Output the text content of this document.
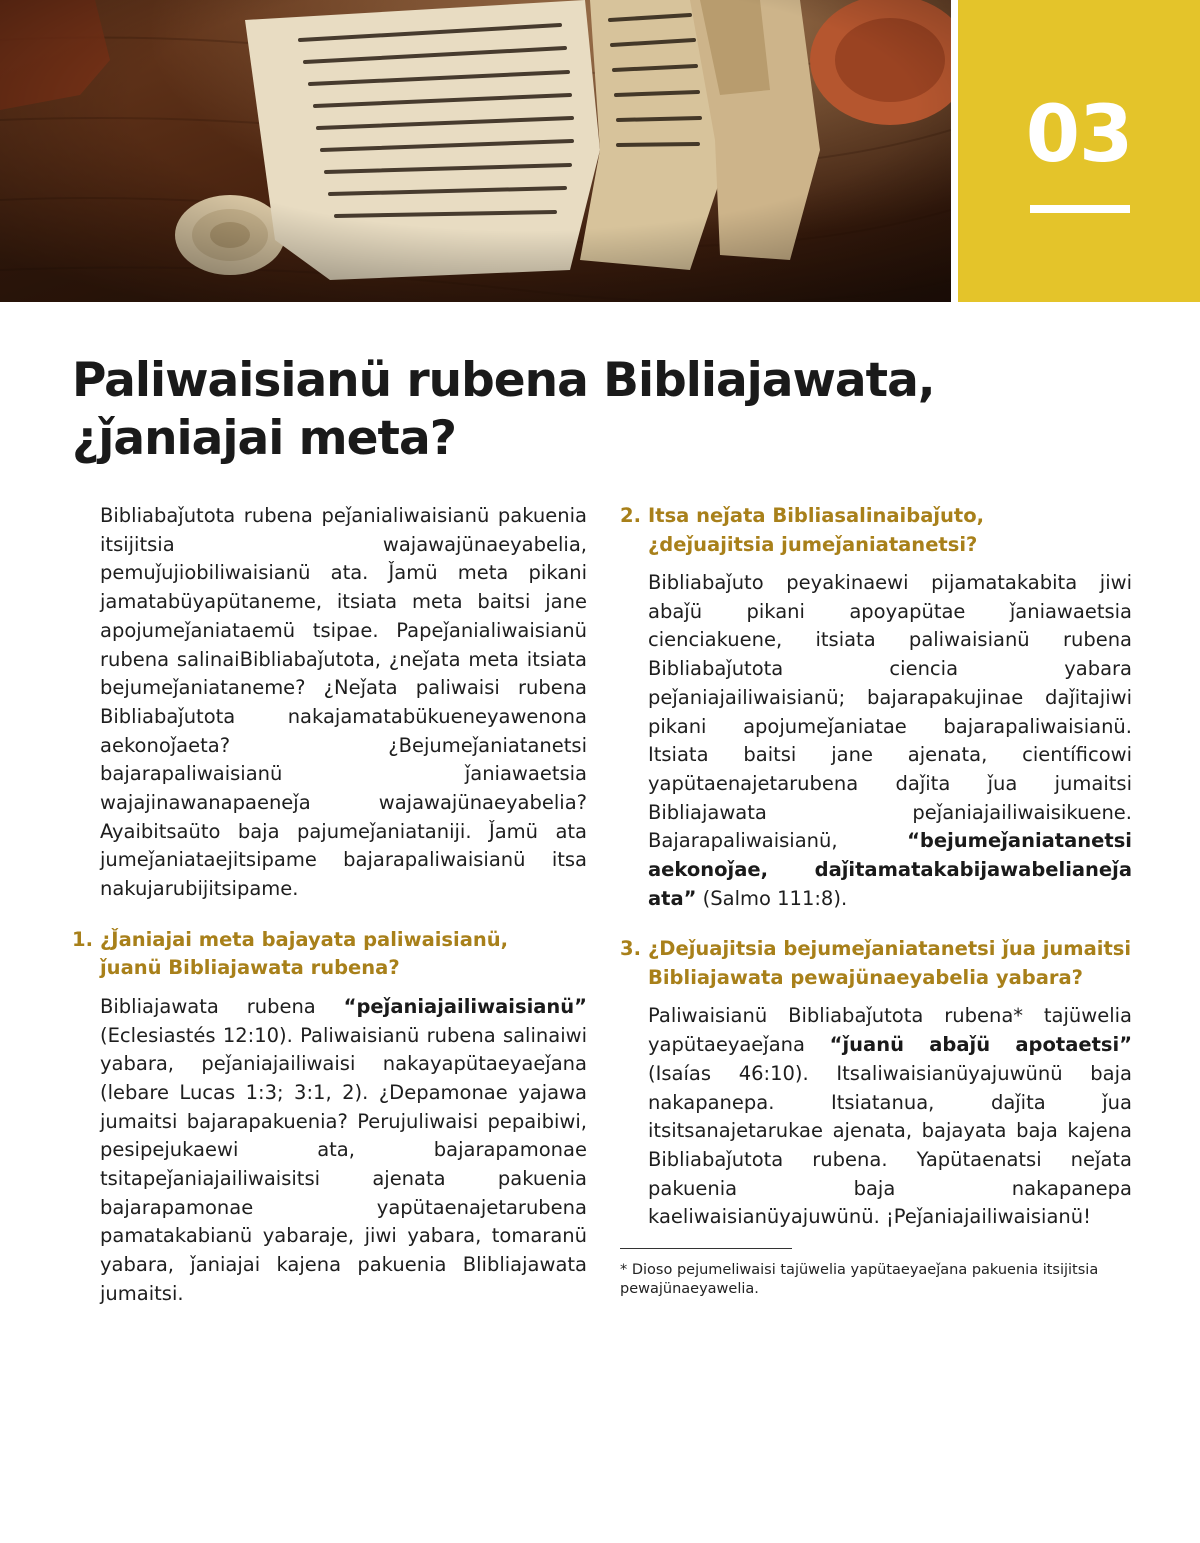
03
Paliwaisianü rubena Bibliajawata,
¿ǰaniajai meta?

Bibliabaǰutota rubena peǰanialiwaisianü pakuenia itsijitsia wajawajünaeyabelia, pemuǰujiobiliwaisianü ata. J̌amü meta pikani jamatabüyapütaneme, itsiata meta baitsi jane apojumeǰaniataemü tsipae. Papeǰanialiwaisianü rubena salinaiBibliabaǰutota, ¿neǰata meta itsiata bejumeǰaniataneme? ¿Neǰata paliwaisi rubena Bibliabaǰutota nakajamatabükueneyawenona aekonoǰaeta? ¿Bejumeǰaniatanetsi bajarapaliwaisianü ǰaniawaetsia wajajinawanapaeneǰa wajawajünaeyabelia? Ayaibitsaüto baja pajumeǰaniataniji. J̌amü ata jumeǰaniataejitsipame bajarapaliwaisianü itsa nakujarubijitsipame.

1. ¿J̌aniajai meta bajayata paliwaisianü,
ǰuanü Bibliajawata rubena?

Bibliajawata rubena “peǰaniajailiwaisianü” (Eclesiastés 12:10). Paliwaisianü rubena salinaiwi yabara, peǰaniajailiwaisi nakayapütaeyaeǰana (lebare Lucas 1:3; 3:1, 2). ¿Depamonae yajawa jumaitsi bajarapakuenia? Perujuliwaisi pepaibiwi, pesipejukaewi ata, bajarapamonae tsitapeǰaniajailiwaisitsi ajenata pakuenia bajarapamonae yapütaenajetarubena pamatakabianü yabaraje, jiwi yabara, tomaranü yabara, ǰaniajai kajena pakuenia Blibliajawata jumaitsi.

2. Itsa neǰata Bibliasalinaibaǰuto,
¿deǰuajitsia jumeǰaniatanetsi?

Bibliabaǰuto peyakinaewi pijamatakabita jiwi abaǰü pikani apoyapütae ǰaniawaetsia cienciakuene, itsiata paliwaisianü rubena Bibliabaǰutota ciencia yabara peǰaniajailiwaisianü; bajarapakujinae daǰitajiwi pikani apojumeǰaniatae bajarapaliwaisianü. Itsiata baitsi jane ajenata, científicowi yapütaenajetarubena daǰita ǰua jumaitsi Bibliajawata peǰaniajailiwaisikuene. Bajarapaliwaisianü, “bejumeǰaniatanetsi aekonoǰae, daǰitamatakabijawabelianeǰa ata” (Salmo 111:8).

3. ¿Deǰuajitsia bejumeǰaniatanetsi ǰua jumaitsi
Bibliajawata pewajünaeyabelia yabara?

Paliwaisianü Bibliabaǰutota rubena* tajüwelia yapütaeyaeǰana “ǰuanü abaǰü apotaetsi” (Isaías 46:10). Itsaliwaisianüyajuwünü baja nakapanepa. Itsiatanua, daǰita ǰua itsitsanajetarukae ajenata, bajayata baja kajena Bibliabaǰutota rubena. Yapütaenatsi neǰata pakuenia baja nakapanepa kaeliwaisianüyajuwünü. ¡Peǰaniajailiwaisianü!

* Dioso pejumeliwaisi tajüwelia yapütaeyaeǰana pakuenia itsijitsia pewajünaeyawelia.
